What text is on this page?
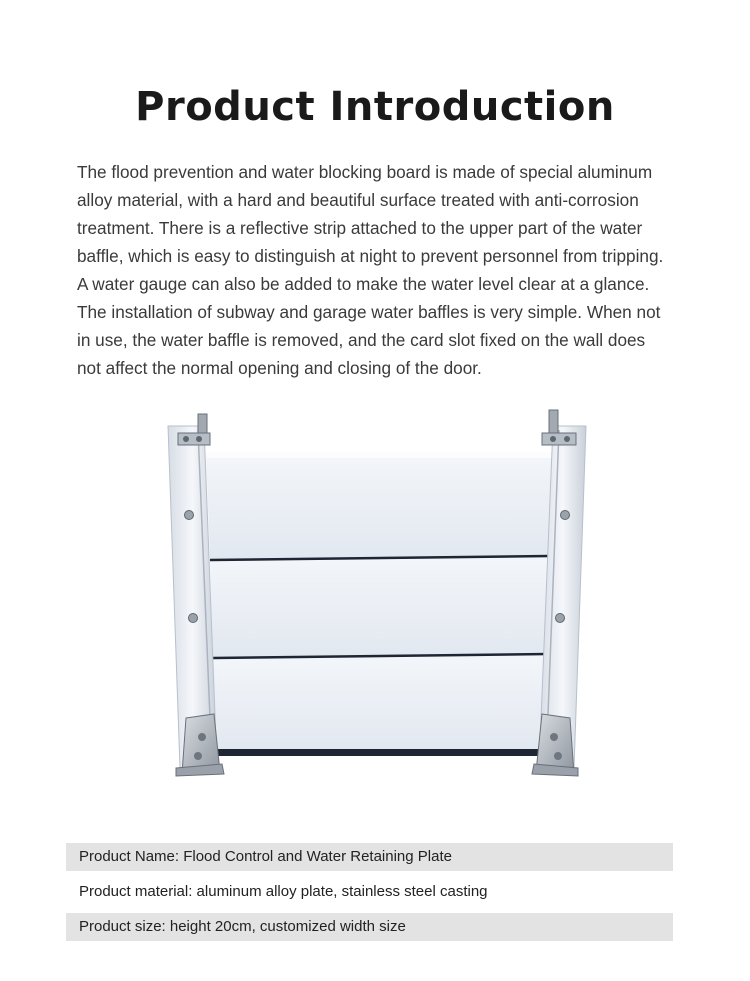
Product Introduction

The flood prevention and water blocking board is made of special aluminum
alloy material, with a hard and beautiful surface treated with anti-corrosion
treatment. There is a reflective strip attached to the upper part of the water
baffle, which is easy to distinguish at night to prevent personnel from tripping.
A water gauge can also be added to make the water level clear at a glance.
The installation of subway and garage water baffles is very simple. When not
in use, the water baffle is removed, and the card slot fixed on the wall does
not affect the normal opening and closing of the door.

Product Name: Flood Control and Water Retaining Plate
Product material: aluminum alloy plate, stainless steel casting
Product size: height 20cm, customized width size
